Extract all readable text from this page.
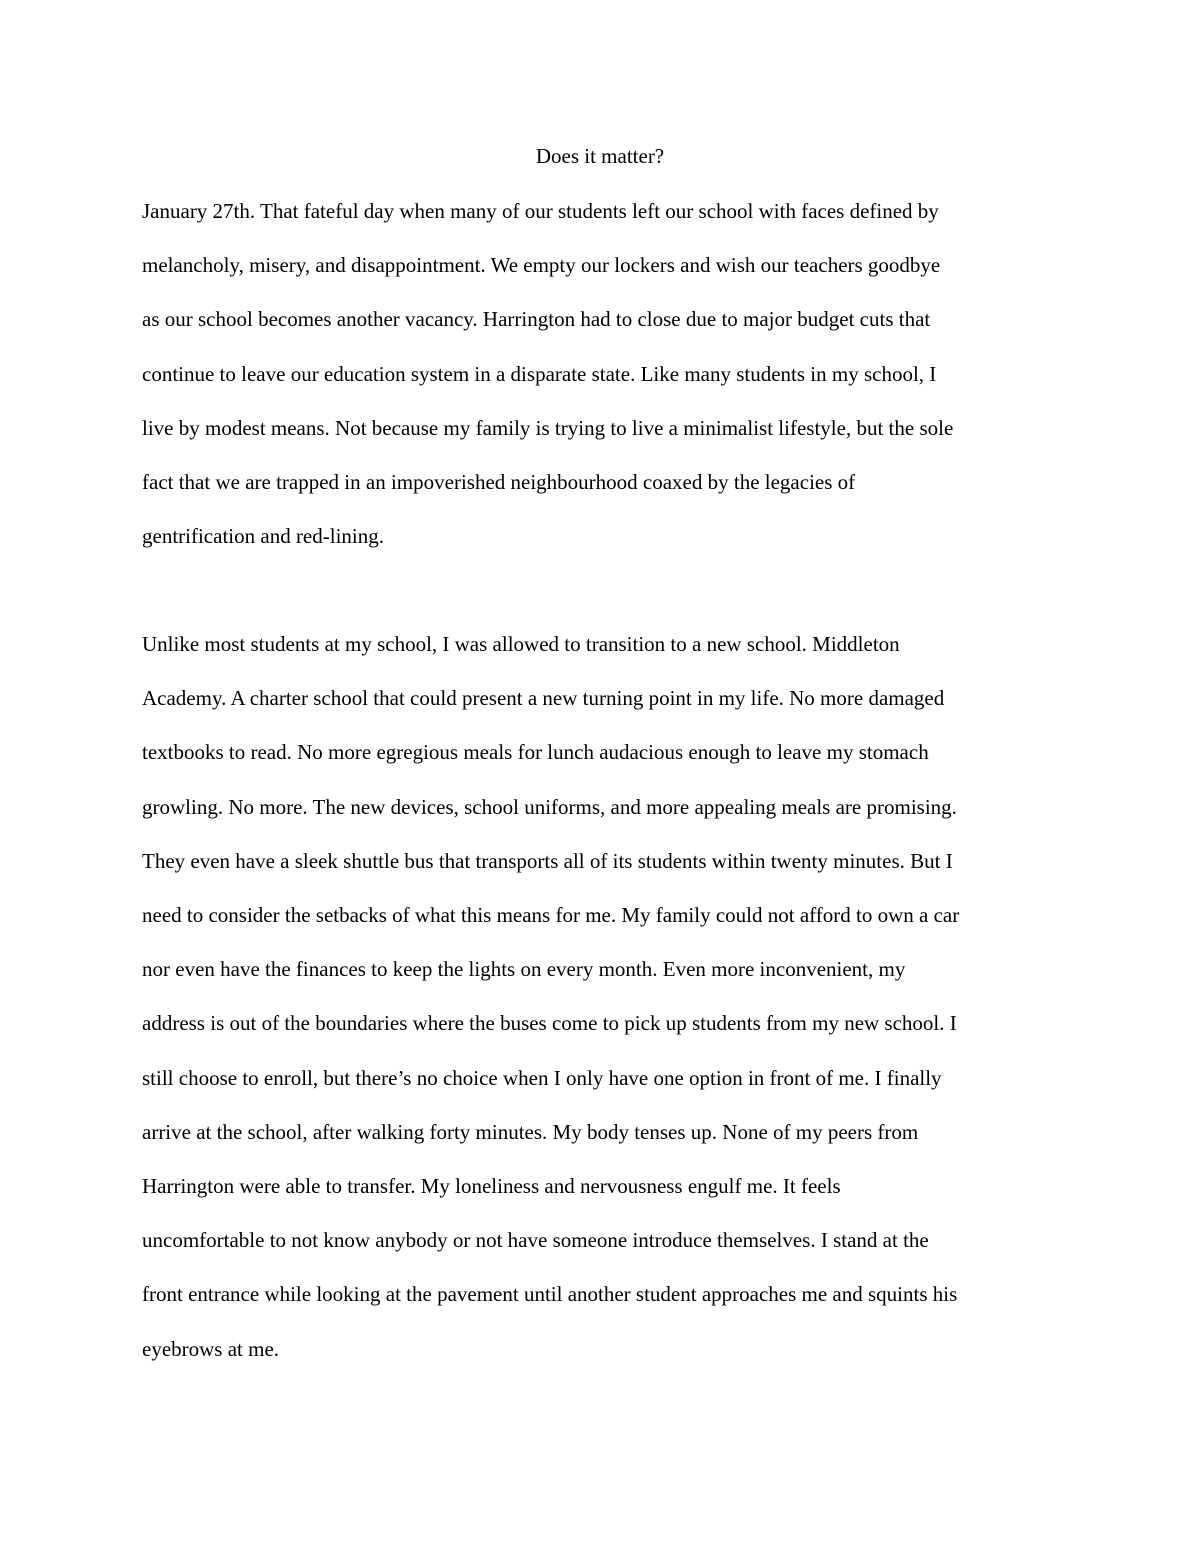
Does it matter?

January 27th. That fateful day when many of our students left our school with faces defined by
melancholy, misery, and disappointment. We empty our lockers and wish our teachers goodbye
as our school becomes another vacancy. Harrington had to close due to major budget cuts that
continue to leave our education system in a disparate state. Like many students in my school, I
live by modest means. Not because my family is trying to live a minimalist lifestyle, but the sole
fact that we are trapped in an impoverished neighbourhood coaxed by the legacies of
gentrification and red-lining.

Unlike most students at my school, I was allowed to transition to a new school. Middleton
Academy. A charter school that could present a new turning point in my life. No more damaged
textbooks to read. No more egregious meals for lunch audacious enough to leave my stomach
growling. No more. The new devices, school uniforms, and more appealing meals are promising.
They even have a sleek shuttle bus that transports all of its students within twenty minutes. But I
need to consider the setbacks of what this means for me. My family could not afford to own a car
nor even have the finances to keep the lights on every month. Even more inconvenient, my
address is out of the boundaries where the buses come to pick up students from my new school. I
still choose to enroll, but there’s no choice when I only have one option in front of me. I finally
arrive at the school, after walking forty minutes. My body tenses up. None of my peers from
Harrington were able to transfer. My loneliness and nervousness engulf me. It feels
uncomfortable to not know anybody or not have someone introduce themselves. I stand at the
front entrance while looking at the pavement until another student approaches me and squints his
eyebrows at me.
